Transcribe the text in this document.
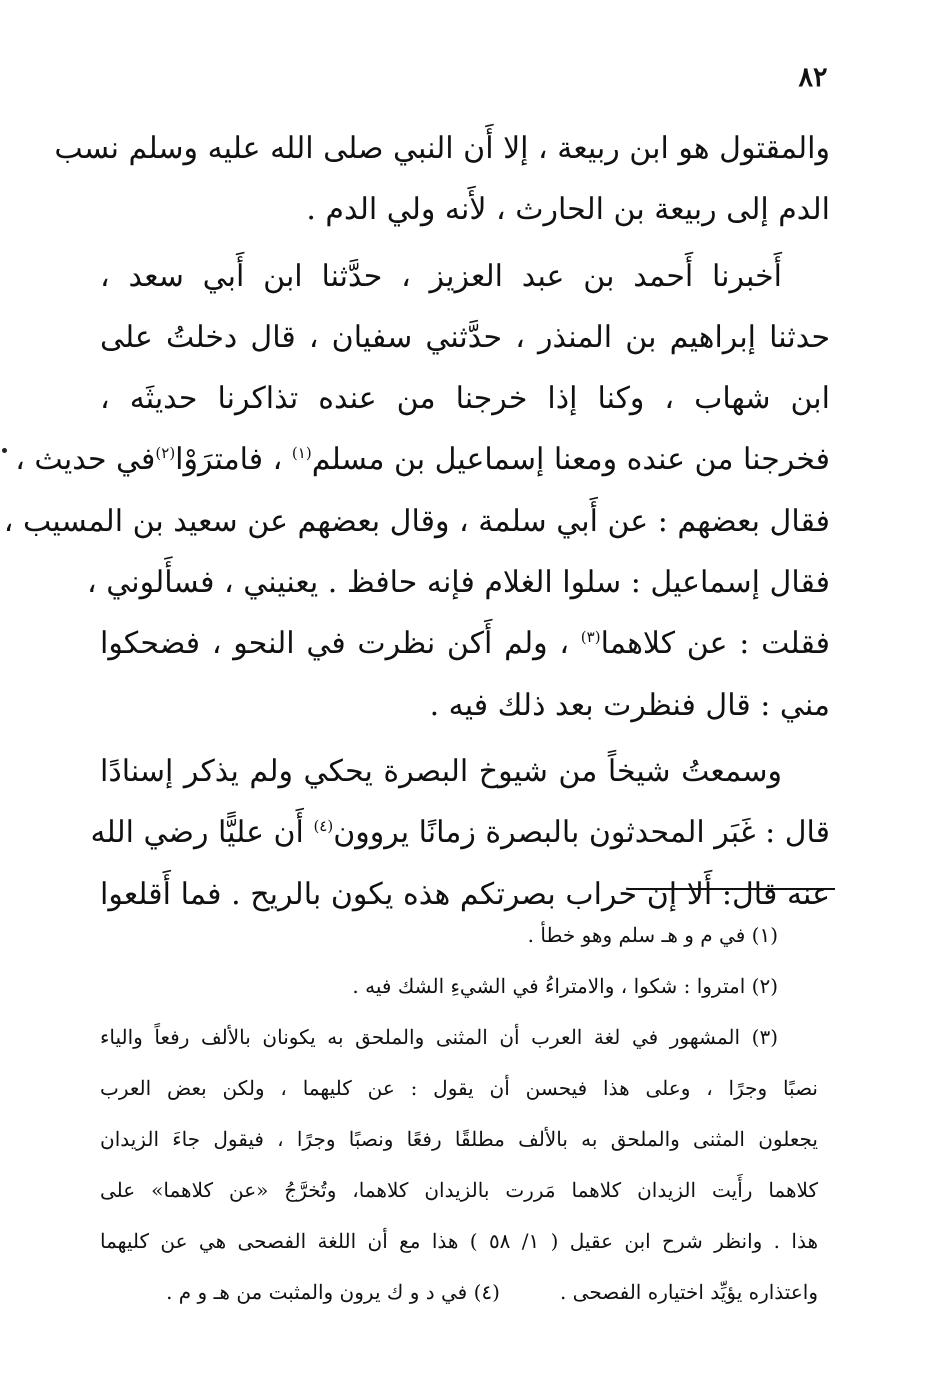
٨٢

والمقتول هو ابن ربيعة ، إلا أَن النبي صلى الله عليه وسلم نسب
الدم إلى ربيعة بن الحارث ، لأَنه ولي الدم .

أَخبرنا أَحمد بن عبد العزيز ، حدَّثنا ابن أَبي سعد ،
حدثنا إبراهيم بن المنذر ، حدَّثني سفيان ، قال دخلتُ على
ابن شهاب ، وكنا إذا خرجنا من عنده تذاكرنا حديثَه ،
فخرجنا من عنده ومعنا إسماعيل بن مسلم$^{(١)}$ ، فامترَوْا$^{(٢)}$في حديث ،
فقال بعضهم : عن أَبي سلمة ، وقال بعضهم عن سعيد بن المسيب ،
فقال إسماعيل : سلوا الغلام فإنه حافظ . يعنيني ، فسأَلوني ،
فقلت : عن كلاهما$^{(٣)}$ ، ولم أَكن نظرت في النحو ، فضحكوا
مني : قال فنظرت بعد ذلك فيه .

وسمعتُ شيخاً من شيوخ البصرة يحكي ولم يذكر إسنادًا
قال : غَبَر المحدثون بالبصرة زمانًا يروون$^{(٤)}$ أَن عليًّا رضي الله
عنه قال: أَلا إن خراب بصرتكم هذه يكون بالريح . فما أَقلعوا

(١) في م و هـ سلم وهو خطأ .
(٢) امتروا : شكوا ، والامتراءُ في الشيءِ الشك فيه .
(٣) المشهور في لغة العرب أن المثنى والملحق به يكونان بالألف رفعاً والياء
نصبًا وجرًا ، وعلى هذا فيحسن أن يقول : عن كليهما ، ولكن بعض العرب
يجعلون المثنى والملحق به بالألف مطلقًا رفعًا ونصبًا وجرًا ، فيقول جاءَ الزيدان
كلاهما رأَيت الزيدان كلاهما مَررت بالزيدان كلاهما، وتُخرَّجُ «عن كلاهما» على
هذا . وانظر شرح ابن عقيل ( ١/ ٥٨ ) هذا مع أن اللغة الفصحى هي عن كليهما
واعتذاره يؤيِّد اختياره الفصحى .(٤) في د و ك يرون والمثبت من هـ و م .
